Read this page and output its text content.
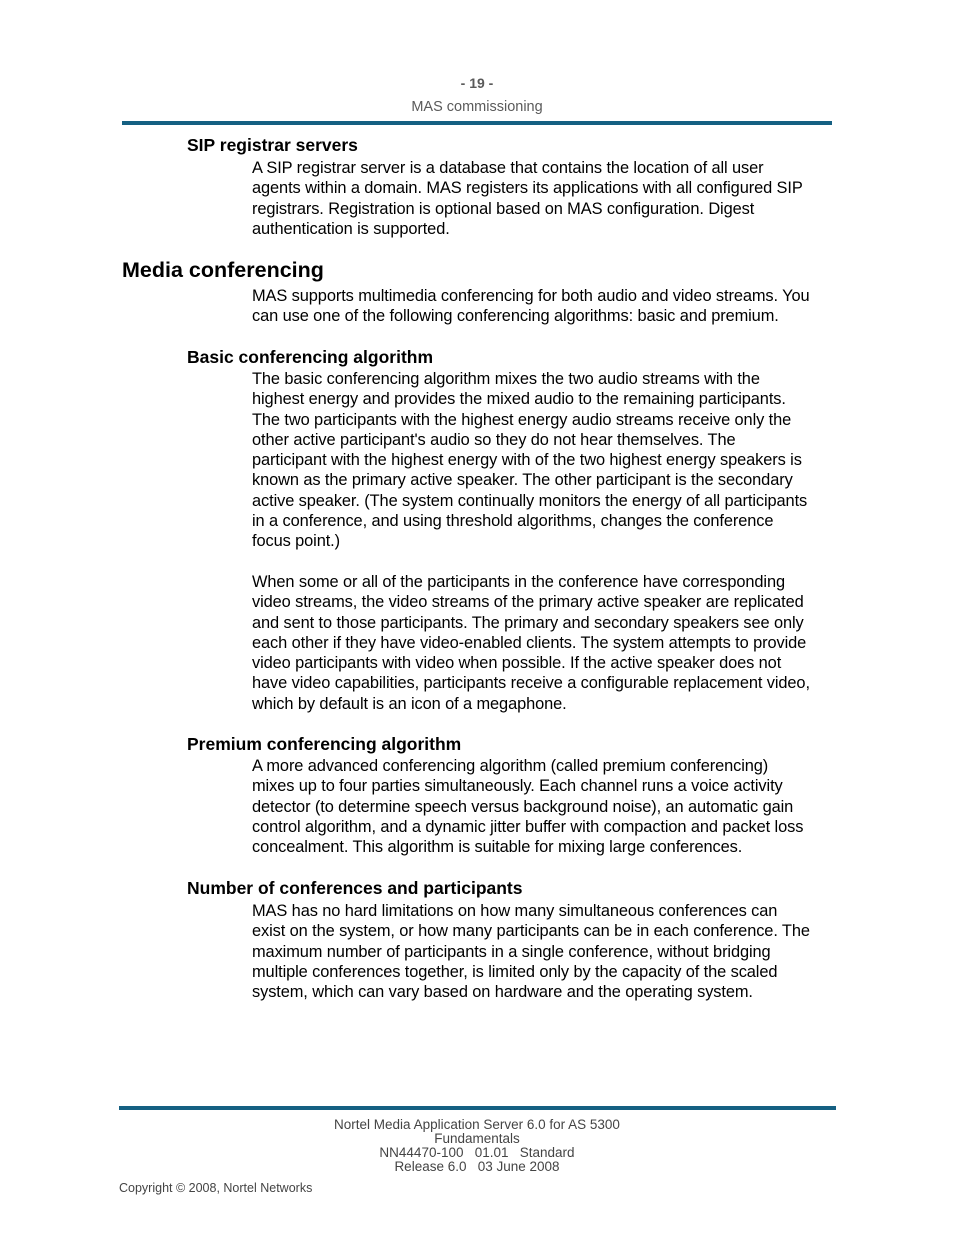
- 19 -
MAS commissioning
SIP registrar servers
A SIP registrar server is a database that contains the location of all user
agents within a domain. MAS registers its applications with all configured SIP
registrars. Registration is optional based on MAS configuration. Digest
authentication is supported.
Media conferencing
MAS supports multimedia conferencing for both audio and video streams. You
can use one of the following conferencing algorithms: basic and premium.
Basic conferencing algorithm
The basic conferencing algorithm mixes the two audio streams with the
highest energy and provides the mixed audio to the remaining participants.
The two participants with the highest energy audio streams receive only the
other active participant's audio so they do not hear themselves. The
participant with the highest energy with of the two highest energy speakers is
known as the primary active speaker. The other participant is the secondary
active speaker. (The system continually monitors the energy of all participants
in a conference, and using threshold algorithms, changes the conference
focus point.)
When some or all of the participants in the conference have corresponding
video streams, the video streams of the primary active speaker are replicated
and sent to those participants. The primary and secondary speakers see only
each other if they have video-enabled clients. The system attempts to provide
video participants with video when possible. If the active speaker does not
have video capabilities, participants receive a configurable replacement video,
which by default is an icon of a megaphone.
Premium conferencing algorithm
A more advanced conferencing algorithm (called premium conferencing)
mixes up to four parties simultaneously. Each channel runs a voice activity
detector (to determine speech versus background noise), an automatic gain
control algorithm, and a dynamic jitter buffer with compaction and packet loss
concealment. This algorithm is suitable for mixing large conferences.
Number of conferences and participants
MAS has no hard limitations on how many simultaneous conferences can
exist on the system, or how many participants can be in each conference. The
maximum number of participants in a single conference, without bridging
multiple conferences together, is limited only by the capacity of the scaled
system, which can vary based on hardware and the operating system.
Nortel Media Application Server 6.0 for AS 5300
Fundamentals
NN44470-100   01.01   Standard
Release 6.0   03 June 2008
Copyright © 2008, Nortel Networks
